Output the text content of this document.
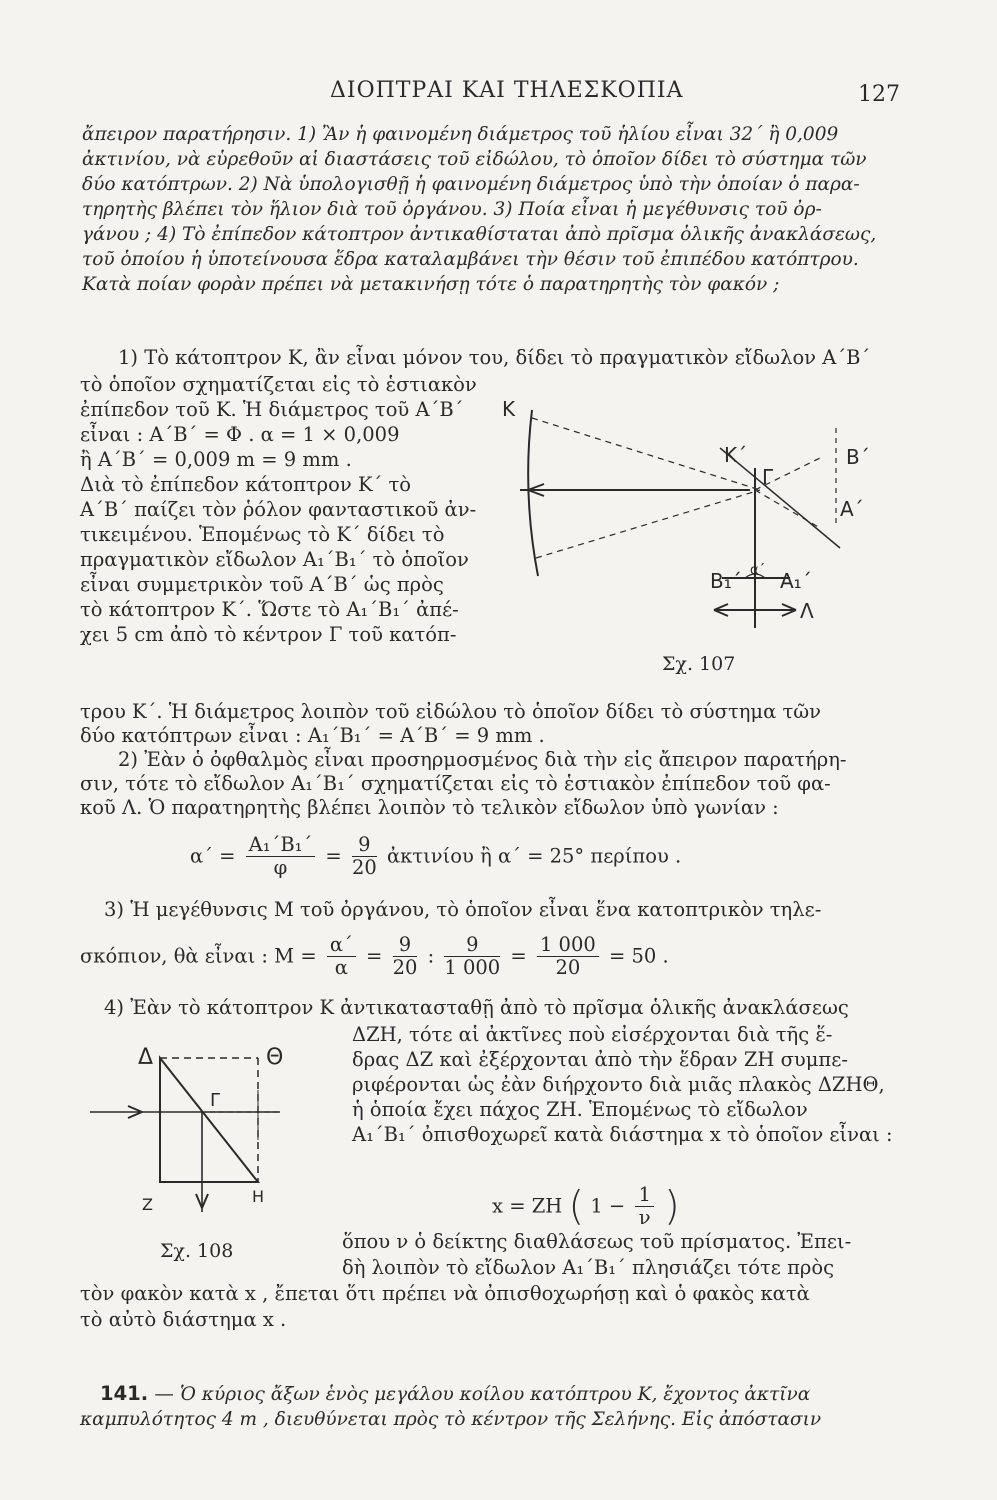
ΔΙΟΠΤΡΑΙ ΚΑΙ ΤΗΛΕΣΚΟΠΙΑ	127
ἄπειρον παρατήρησιν. 1) Ἂν ἡ φαινομένη διάμετρος τοῦ ἡλίου εἶναι 32΄ ἢ 0,009
ἀκτινίου, νὰ εὑρεθοῦν αἱ διαστάσεις τοῦ εἰδώλου, τὸ ὁποῖον δίδει τὸ σύστημα τῶν
δύο κατόπτρων. 2) Νὰ ὑπολογισθῇ ἡ φαινομένη διάμετρος ὑπὸ τὴν ὁποίαν ὁ παρα-
τηρητὴς βλέπει τὸν ἥλιον διὰ τοῦ ὀργάνου. 3) Ποία εἶναι ἡ μεγέθυνσις τοῦ ὀρ-
γάνου ; 4) Τὸ ἐπίπεδον κάτοπτρον ἀντικαθίσταται ἀπὸ πρῖσμα ὁλικῆς ἀνακλάσεως,
τοῦ ὁποίου ἡ ὑποτείνουσα ἕδρα καταλαμβάνει τὴν θέσιν τοῦ ἐπιπέδου κατόπτρου.
Κατὰ ποίαν φορὰν πρέπει νὰ μετακινήσῃ τότε ὁ παρατηρητὴς τὸν φακόν ;
1) Τὸ κάτοπτρον Κ, ἂν εἶναι μόνον του, δίδει τὸ πραγματικὸν εἴδωλον Α΄Β΄
τὸ ὁποῖον σχηματίζεται εἰς τὸ ἑστιακὸν
ἐπίπεδον τοῦ Κ. Ἡ διάμετρος τοῦ Α΄Β΄
εἶναι : Α΄Β΄ = Φ . α = 1 × 0,009
ἢ Α΄Β΄ = 0,009 m = 9 mm .
Διὰ τὸ ἐπίπεδον κάτοπτρον Κ΄ τὸ
Α΄Β΄ παίζει τὸν ῥόλον φανταστικοῦ ἀν-
τικειμένου. Ἑπομένως τὸ Κ΄ δίδει τὸ
πραγματικὸν εἴδωλον Α₁΄Β₁΄ τὸ ὁποῖον
εἶναι συμμετρικὸν τοῦ Α΄Β΄ ὡς πρὸς
τὸ κάτοπτρον Κ΄. Ὥστε τὸ Α₁΄Β₁΄ ἀπέ-
χει 5 cm ἀπὸ τὸ κέντρον Γ τοῦ κατόπ-
K
K΄
Γ
B΄
A΄
B₁΄ A₁΄
α΄
Λ
Σχ. 107
τρου Κ΄. Ἡ διάμετρος λοιπὸν τοῦ εἰδώλου τὸ ὁποῖον δίδει τὸ σύστημα τῶν
δύο κατόπτρων εἶναι : Α₁΄Β₁΄ = Α΄Β΄ = 9 mm .
2) Ἐὰν ὁ ὀφθαλμὸς εἶναι προσηρμοσμένος διὰ τὴν εἰς ἄπειρον παρατήρη-
σιν, τότε τὸ εἴδωλον Α₁΄Β₁΄ σχηματίζεται εἰς τὸ ἑστιακὸν ἐπίπεδον τοῦ φα-
κοῦ Λ. Ὁ παρατηρητὴς βλέπει λοιπὸν τὸ τελικὸν εἴδωλον ὑπὸ γωνίαν :
$\alpha΄ = \frac{\text{Α₁΄Β₁΄}}{\varphi} = \frac{9}{20}$ ἀκτινίου ἢ α΄ = 25° περίπου .
3) Ἡ μεγέθυνσις Μ τοῦ ὀργάνου, τὸ ὁποῖον εἶναι ἕνα κατοπτρικὸν τηλε-
σκόπιον, θὰ εἶναι : $M = \frac{\alpha΄}{\alpha} = \frac{9}{20}$ : $\frac{9}{1 000} = \frac{1 000}{20} = 50$ .
4) Ἐὰν τὸ κάτοπτρον Κ ἀντικατασταθῇ ἀπὸ τὸ πρῖσμα ὁλικῆς ἀνακλάσεως
ΔΖΗ, τότε αἱ ἀκτῖνες ποὺ εἰσέρχονται διὰ τῆς ἕ-
δρας ΔΖ καὶ ἐξέρχονται ἀπὸ τὴν ἕδραν ΖΗ συμπε-
ριφέρονται ὡς ἐὰν διήρχοντο διὰ μιᾶς πλακὸς ΔΖΗΘ,
ἡ ὁποία ἔχει πάχος ΖΗ. Ἑπομένως τὸ εἴδωλον
Α₁΄Β₁΄ ὀπισθοχωρεῖ κατὰ διάστημα x τὸ ὁποῖον εἶναι :
x = ΖΗ ( $1 - \frac{1}{\nu}$ )
Δ	Θ
Γ
Z	H
Σχ. 108	ὅπου ν ὁ δείκτης διαθλάσεως τοῦ πρίσματος. Ἐπει-
δὴ λοιπὸν τὸ εἴδωλον Α₁΄Β₁΄ πλησιάζει τότε πρὸς
τὸν φακὸν κατὰ x , ἔπεται ὅτι πρέπει νὰ ὀπισθοχωρήσῃ καὶ ὁ φακὸς κατὰ
τὸ αὐτὸ διάστημα x .
141. — Ὁ κύριος ἄξων ἑνὸς μεγάλου κοίλου κατόπτρου Κ, ἔχοντος ἀκτῖνα
καμπυλότητος 4 m , διευθύνεται πρὸς τὸ κέντρον τῆς Σελήνης. Εἰς ἀπόστασιν
